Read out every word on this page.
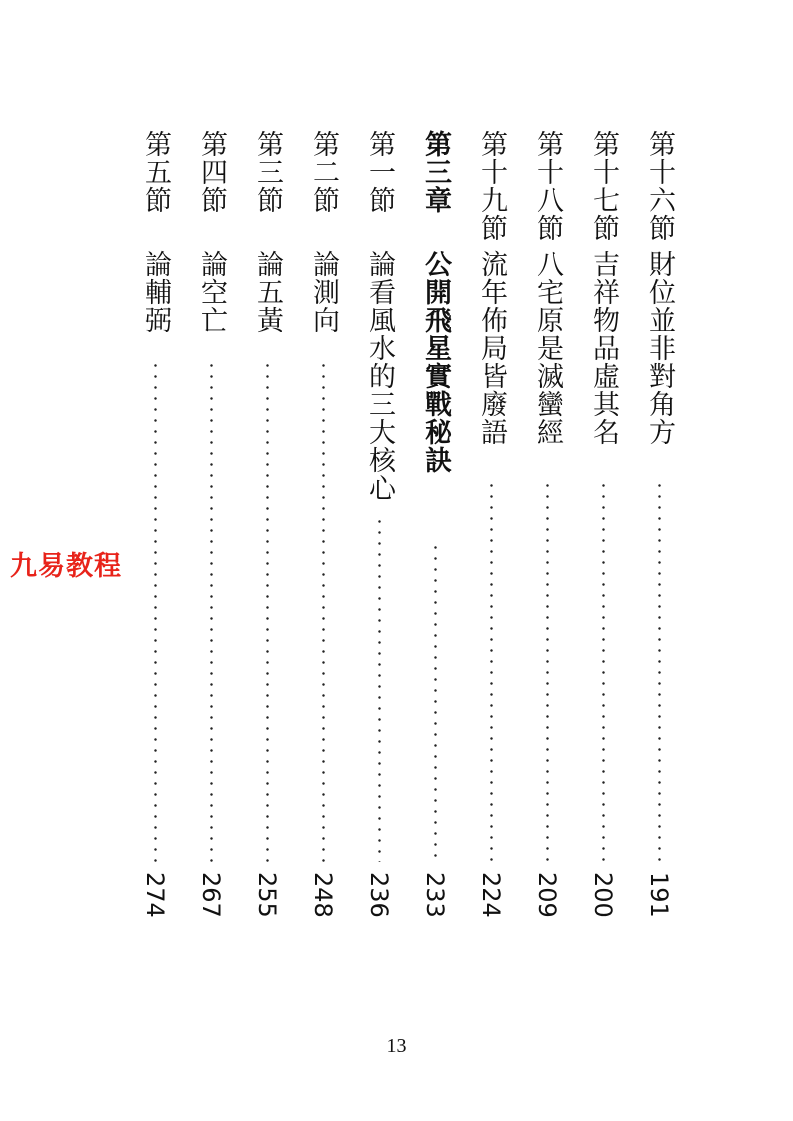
第十六節
財位並非對角方
191
第十七節
吉祥物品虛其名
200
第十八節
八宅原是滅蠻經
209
第十九節
流年佈局皆廢語
224
第三章
公開飛星實戰秘訣
233
第一節
論看風水的三大核心
236
第二節
論測向
248
第三節
論五黃
255
第四節
論空亡
267
第五節
論輔弼
274
九易教程
13
